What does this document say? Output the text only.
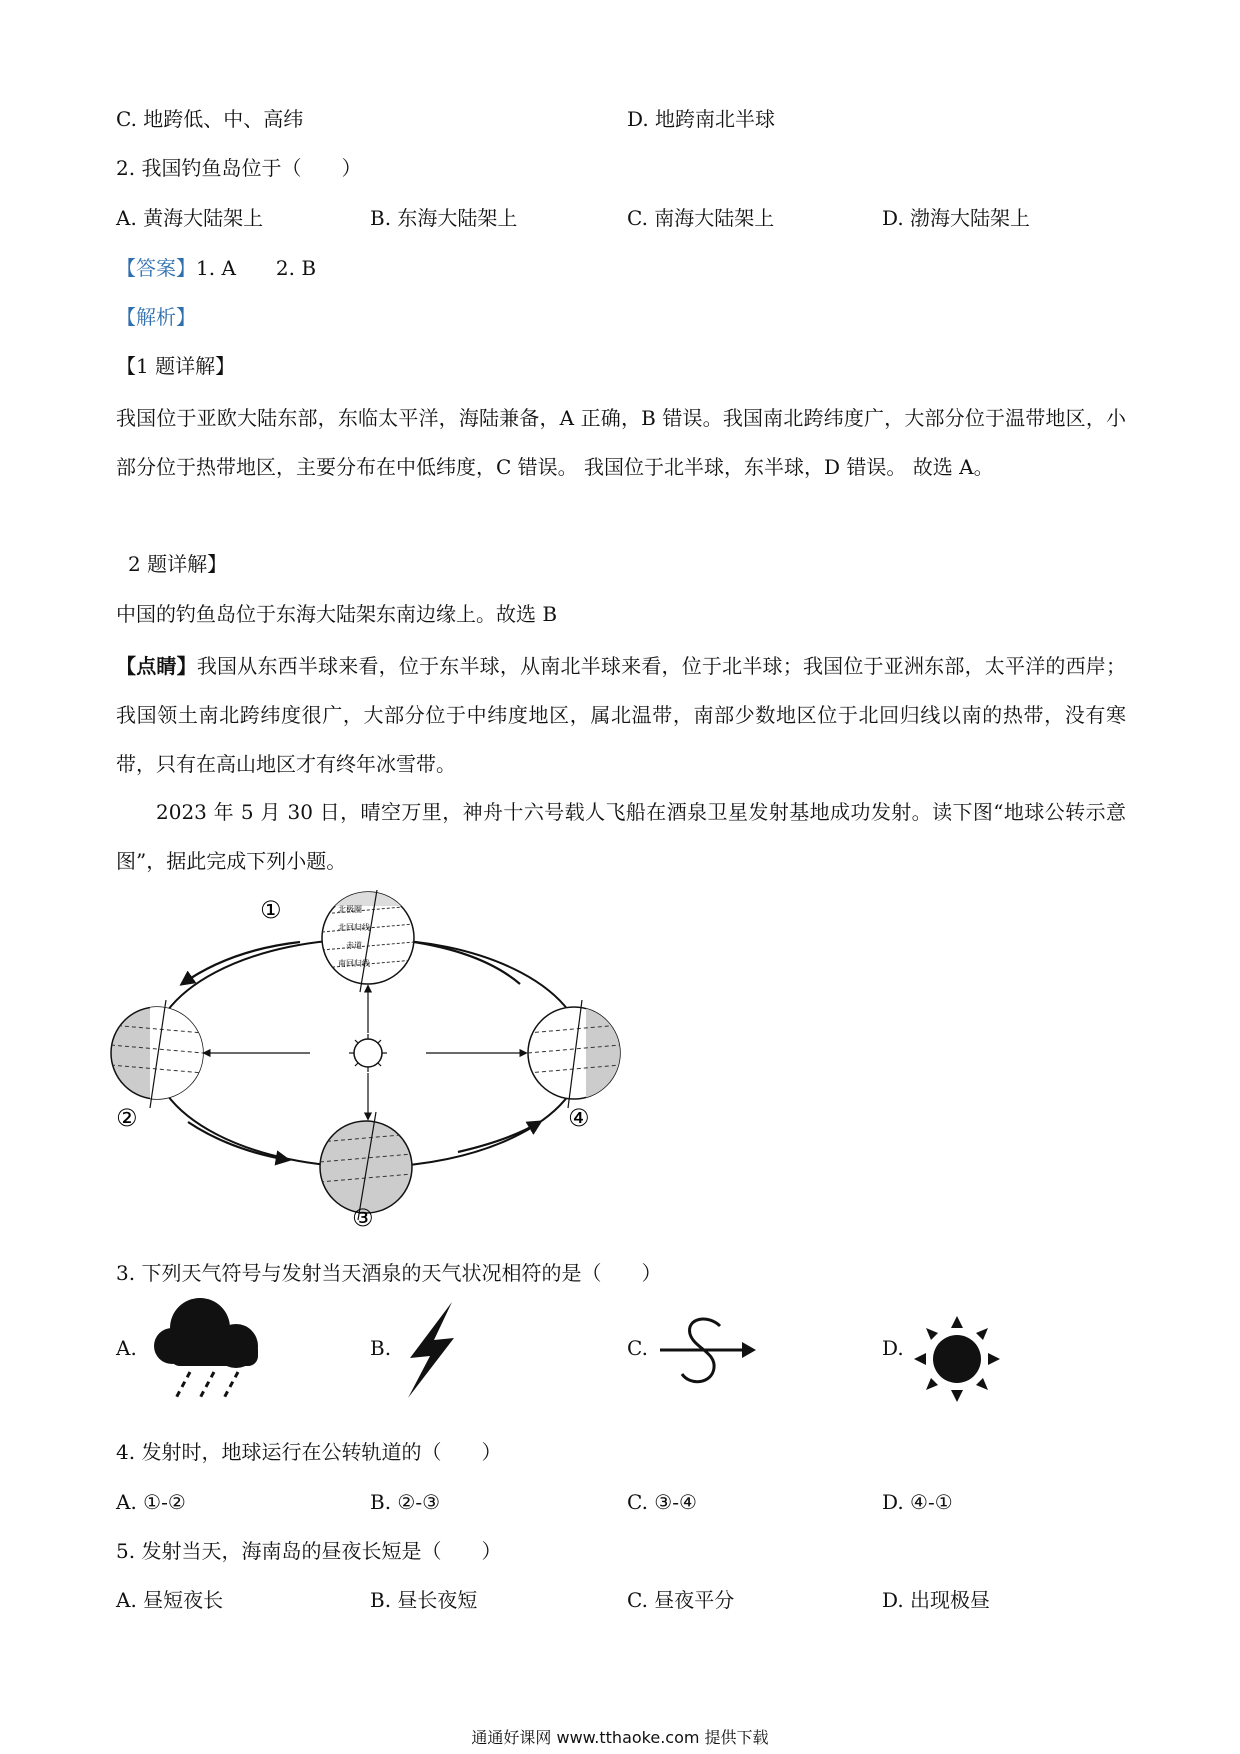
C. 地跨低、中、高纬	D. 地跨南北半球
2. 我国钓鱼岛位于（　　）
A. 黄海大陆架上	B. 东海大陆架上	C. 南海大陆架上	D. 渤海大陆架上
【答案】1. A　　2. B
【解析】
【1 题详解】
我国位于亚欧大陆东部，东临太平洋，海陆兼备，A 正确，B 错误。我国南北跨纬度广，大部分位于温带地区，小部分位于热带地区，主要分布在中低纬度，C 错误。 我国位于北半球，东半球，D 错误。 故选 A。
2 题详解】
中国的钓鱼岛位于东海大陆架东南边缘上。故选 B
【点睛】我国从东西半球来看，位于东半球，从南北半球来看，位于北半球；我国位于亚洲东部，太平洋的西岸；我国领土南北跨纬度很广，大部分位于中纬度地区，属北温带，南部少数地区位于北回归线以南的热带，没有寒带，只有在高山地区才有终年冰雪带。
2023 年 5 月 30 日，晴空万里，神舟十六号载人飞船在酒泉卫星发射基地成功发射。读下图“地球公转示意图”，据此完成下列小题。
北极圈
北回归线
赤道
南回归线
①
②
③
④
3. 下列天气符号与发射当天酒泉的天气状况相符的是（　　）
A.	B.	C.	D.
4. 发射时，地球运行在公转轨道的（　　）
A. ①-②	B. ②-③	C. ③-④	D. ④-①
5. 发射当天，海南岛的昼夜长短是（　　）
A. 昼短夜长	B. 昼长夜短	C. 昼夜平分	D. 出现极昼
通通好课网 www.tthaoke.com 提供下载
